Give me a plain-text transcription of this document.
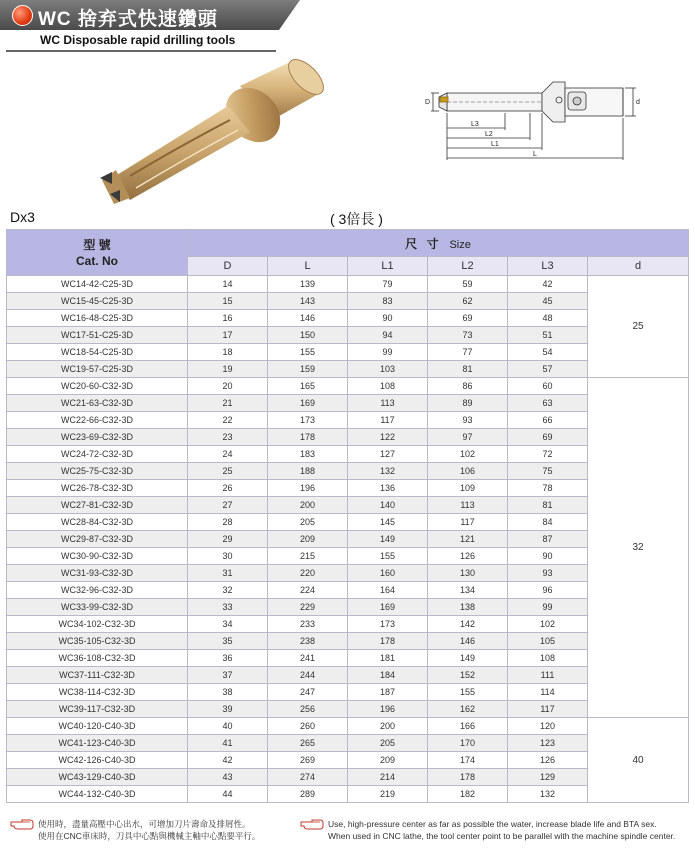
WC 捨弃式快速鑽頭
WC Disposable rapid drilling tools
D	d
L3
L2
L1
L
Dx3	( 3倍長 )
型 號
Cat. No	尺 寸 Size					
	D	L	L1	L2	L3	d
WC14-42-C25-3D	14	139	79	59	42	25
WC15-45-C25-3D	15	143	83	62	45	
WC16-48-C25-3D	16	146	90	69	48	
WC17-51-C25-3D	17	150	94	73	51	
WC18-54-C25-3D	18	155	99	77	54	
WC19-57-C25-3D	19	159	103	81	57	
WC20-60-C32-3D	20	165	108	86	60	32
WC21-63-C32-3D	21	169	113	89	63	
WC22-66-C32-3D	22	173	117	93	66	
WC23-69-C32-3D	23	178	122	97	69	
WC24-72-C32-3D	24	183	127	102	72	
WC25-75-C32-3D	25	188	132	106	75	
WC26-78-C32-3D	26	196	136	109	78	
WC27-81-C32-3D	27	200	140	113	81	
WC28-84-C32-3D	28	205	145	117	84	
WC29-87-C32-3D	29	209	149	121	87	
WC30-90-C32-3D	30	215	155	126	90	
WC31-93-C32-3D	31	220	160	130	93	
WC32-96-C32-3D	32	224	164	134	96	
WC33-99-C32-3D	33	229	169	138	99	
WC34-102-C32-3D	34	233	173	142	102	
WC35-105-C32-3D	35	238	178	146	105	
WC36-108-C32-3D	36	241	181	149	108	
WC37-111-C32-3D	37	244	184	152	111	
WC38-114-C32-3D	38	247	187	155	114	
WC39-117-C32-3D	39	256	196	162	117	
WC40-120-C40-3D	40	260	200	166	120	40
WC41-123-C40-3D	41	265	205	170	123	
WC42-126-C40-3D	42	269	209	174	126	
WC43-129-C40-3D	43	274	214	178	129	
WC44-132-C40-3D	44	289	219	182	132	
使用時，盡量高壓中心出水，可增加刀片壽命及排屑性。
使用在CNC車床時，刀具中心點與機械主軸中心點要平行。
Use, high-pressure center as far as possible the water, increase blade life and BTA sex.
When used in CNC lathe, the tool center point to be parallel with the machine spindle center.
